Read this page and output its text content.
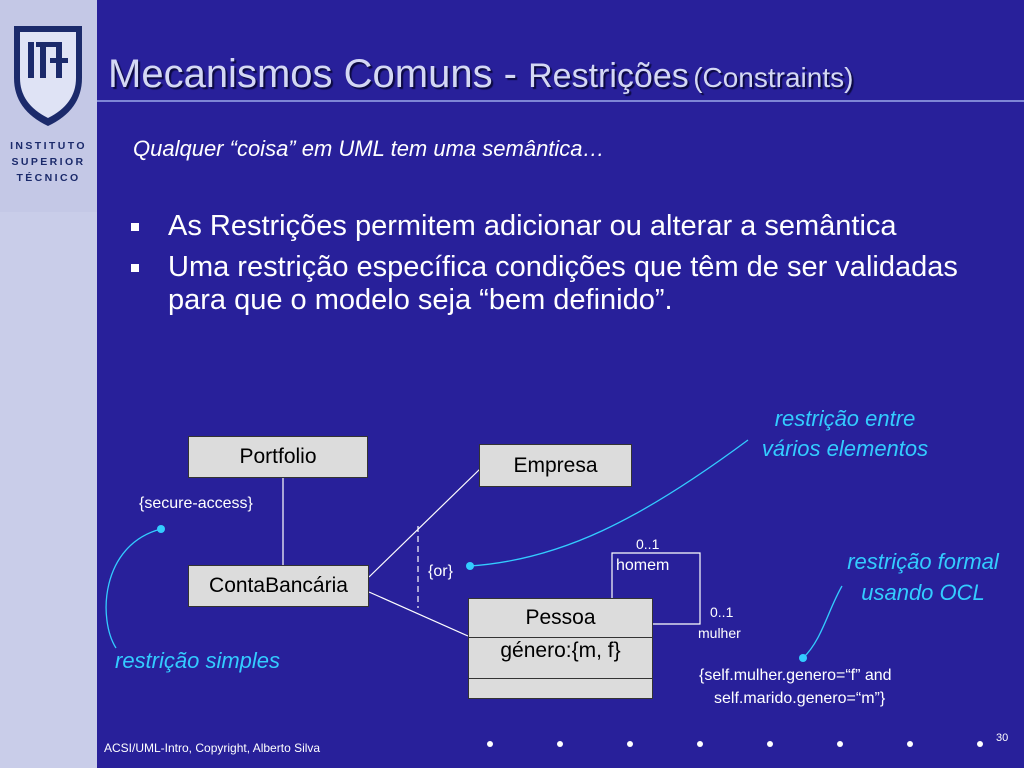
INSTITUTO
SUPERIOR
TÉCNICO
Mecanismos Comuns - Restrições (Constraints)
Qualquer “coisa” em UML tem uma semântica…
As Restrições permitem adicionar ou alterar a semântica
Uma restrição específica condições que têm de ser validadas para que o modelo seja “bem definido”.
Portfolio
ContaBancária
Empresa
Pessoa
género:{m, f}
{secure-access}
{or}
0..1
homem
0..1
mulher
{self.mulher.genero=“f” and
self.marido.genero=“m”}
restrição entre
vários elementos
restrição formal
usando OCL
restrição simples
ACSI/UML-Intro, Copyright, Alberto Silva
30
